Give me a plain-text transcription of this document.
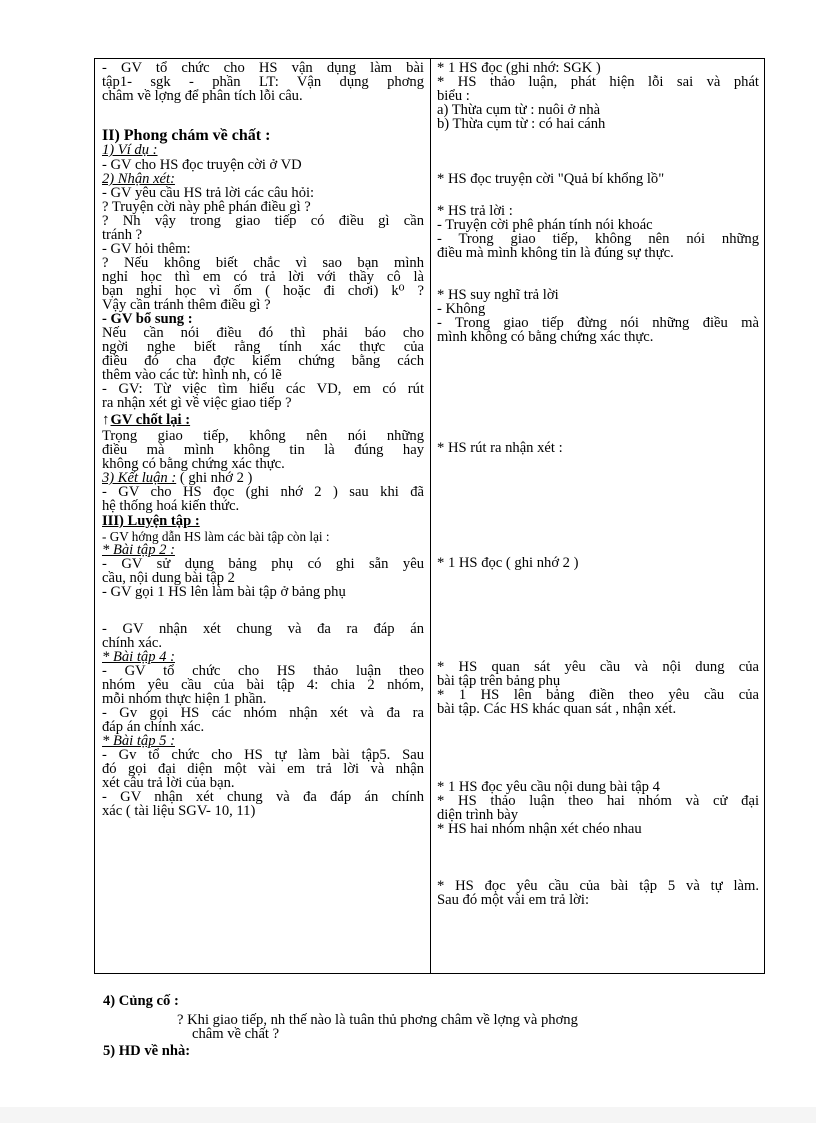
- GV tổ chức cho HS vận dụng làm bài
tập1- sgk - phần LT: Vận dụng phơng
châm về lợng để phân tích lỗi câu.
II) Phong chám về chất :
1) Ví dụ :
- GV cho HS đọc truyện cời ở VD
2) Nhận xét:
- GV yêu cầu HS trả lời các câu hỏi:
? Truyện cời này phê phán điều gì ?
? Nh vậy trong giao tiếp có điều gì cần
tránh ?
- GV hỏi thêm:
? Nếu không biết chắc vì sao bạn mình
nghỉ học thì em có trả lời với thầy cô là
bạn nghỉ học vì ốm ( hoặc đi chơi) k⁰ ?
Vậy cần tránh thêm điều gì ?
- GV bổ sung :
Nếu cần nói điều đó thì phải báo cho
ngời nghe biết rằng tính xác thực của
điều đó cha đợc kiểm chứng bằng cách
thêm vào các từ: hình nh, có lẽ
- GV: Từ việc tìm hiểu các VD, em có rút
ra nhận xét gì về việc giao tiếp ?
↑GV chốt lại :
Trọng giao tiếp, không nên nói những
điều mà mình không tin là đúng hay
không có bằng chứng xác thực.
3) Kết luận : ( ghi nhớ 2 )
- GV cho HS đọc (ghi nhớ 2 ) sau khi đã
hệ thống hoá kiến thức.
III) Luyện tập :
- GV hớng dẫn HS làm các bài tập còn lại :
* Bài tập 2 :
- GV sử dụng bảng phụ có ghi sẵn yêu
cầu, nội dung bài tập 2
- GV gọi 1 HS lên làm bài tập ở bảng phụ
- GV nhận xét chung và đa ra đáp án
chính xác.
* Bài tập 4 :
- GV tổ chức cho HS thảo luận theo
nhóm yêu cầu của bài tập 4: chia 2 nhóm,
mỗi nhóm thực hiện 1 phần.
- Gv gọi HS các nhóm nhận xét và đa ra
đáp án chính xác.
* Bài tập 5 :
- Gv tổ chức cho HS tự làm bài tập5. Sau
đó gọi đại diện một vài em trả lời và nhận
xét câu trả lời của bạn.
- GV nhận xét chung và đa đáp án chính
xác ( tài liệu SGV- 10, 11)
* 1 HS đọc (ghi nhớ: SGK )
* HS thảo luận, phát hiện lỗi sai và phát
biểu :
a) Thừa cụm từ : nuôi ở nhà
b) Thừa cụm từ : có hai cánh
* HS đọc truyện cời "Quả bí khổng lồ"
* HS trả lời :
- Truyện cời phê phán tính nói khoác
- Trong giao tiếp, không nên nói những
điều mà mình không tin là đúng sự thực.
* HS suy nghĩ trả lời
- Không
- Trong giao tiếp đừng nói những điều mà
mình không có bằng chứng xác thực.
* HS rút ra nhận xét :
* 1 HS đọc ( ghi nhớ 2 )
* HS quan sát yêu cầu và nội dung của
bài tập trên bảng phụ
* 1 HS lên bảng điền theo yêu cầu của
bài tập. Các HS khác quan sát , nhận xét.
* 1 HS đọc yêu cầu nội dung bài tập 4
* HS thảo luận theo hai nhóm và cử đại
diện trình bày
* HS hai nhóm nhận xét chéo nhau
* HS đọc yêu cầu của bài tập 5 và tự làm.
Sau đó một vài em trả lời:
4) Củng cố :
? Khi giao tiếp, nh thế nào là tuân thủ phơng châm về lợng và phơng
châm về chất ?
5) HD về nhà:
